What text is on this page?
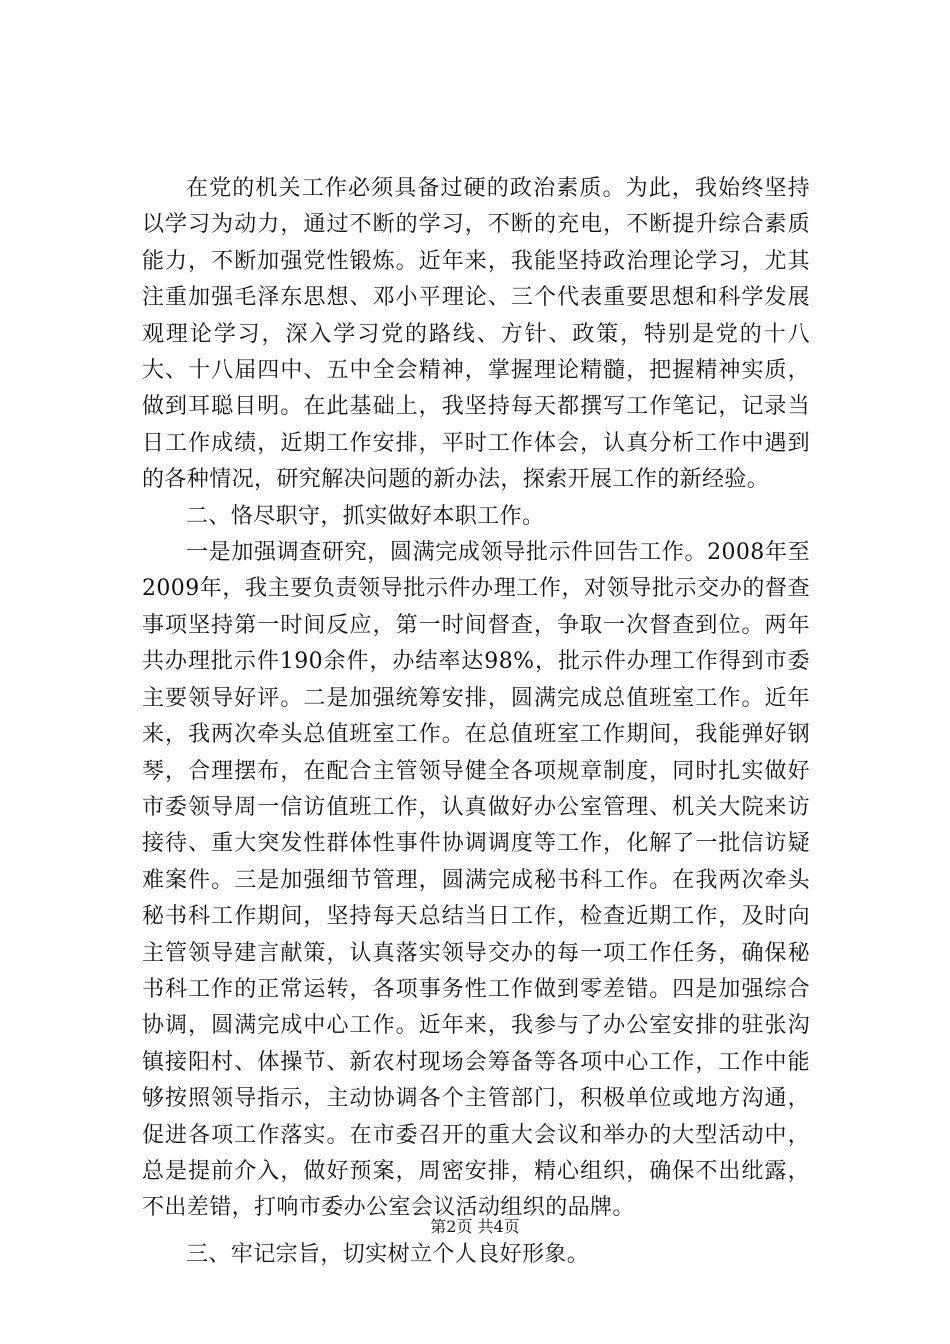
在党的机关工作必须具备过硬的政治素质。为此，我始终坚持以学习为动力，通过不断的学习，不断的充电，不断提升综合素质能力，不断加强党性锻炼。近年来，我能坚持政治理论学习，尤其注重加强毛泽东思想、邓小平理论、三个代表重要思想和科学发展观理论学习，深入学习党的路线、方针、政策，特别是党的十八大、十八届四中、五中全会精神，掌握理论精髓，把握精神实质，做到耳聪目明。在此基础上，我坚持每天都撰写工作笔记，记录当日工作成绩，近期工作安排，平时工作体会，认真分析工作中遇到的各种情况，研究解决问题的新办法，探索开展工作的新经验。

二、恪尽职守，抓实做好本职工作。

一是加强调查研究，圆满完成领导批示件回告工作。2008年至2009年，我主要负责领导批示件办理工作，对领导批示交办的督查事项坚持第一时间反应，第一时间督查，争取一次督查到位。两年共办理批示件190余件，办结率达98%，批示件办理工作得到市委主要领导好评。二是加强统筹安排，圆满完成总值班室工作。近年来，我两次牵头总值班室工作。在总值班室工作期间，我能弹好钢琴，合理摆布，在配合主管领导健全各项规章制度，同时扎实做好市委领导周一信访值班工作，认真做好办公室管理、机关大院来访接待、重大突发性群体性事件协调调度等工作，化解了一批信访疑难案件。三是加强细节管理，圆满完成秘书科工作。在我两次牵头秘书科工作期间，坚持每天总结当日工作，检查近期工作，及时向主管领导建言献策，认真落实领导交办的每一项工作任务，确保秘书科工作的正常运转，各项事务性工作做到零差错。四是加强综合协调，圆满完成中心工作。近年来，我参与了办公室安排的驻张沟镇接阳村、体操节、新农村现场会筹备等各项中心工作，工作中能够按照领导指示，主动协调各个主管部门，积极单位或地方沟通，促进各项工作落实。在市委召开的重大会议和举办的大型活动中，总是提前介入，做好预案，周密安排，精心组织，确保不出纰露，不出差错，打响市委办公室会议活动组织的品牌。

三、牢记宗旨，切实树立个人良好形象。

第2页 共4页
